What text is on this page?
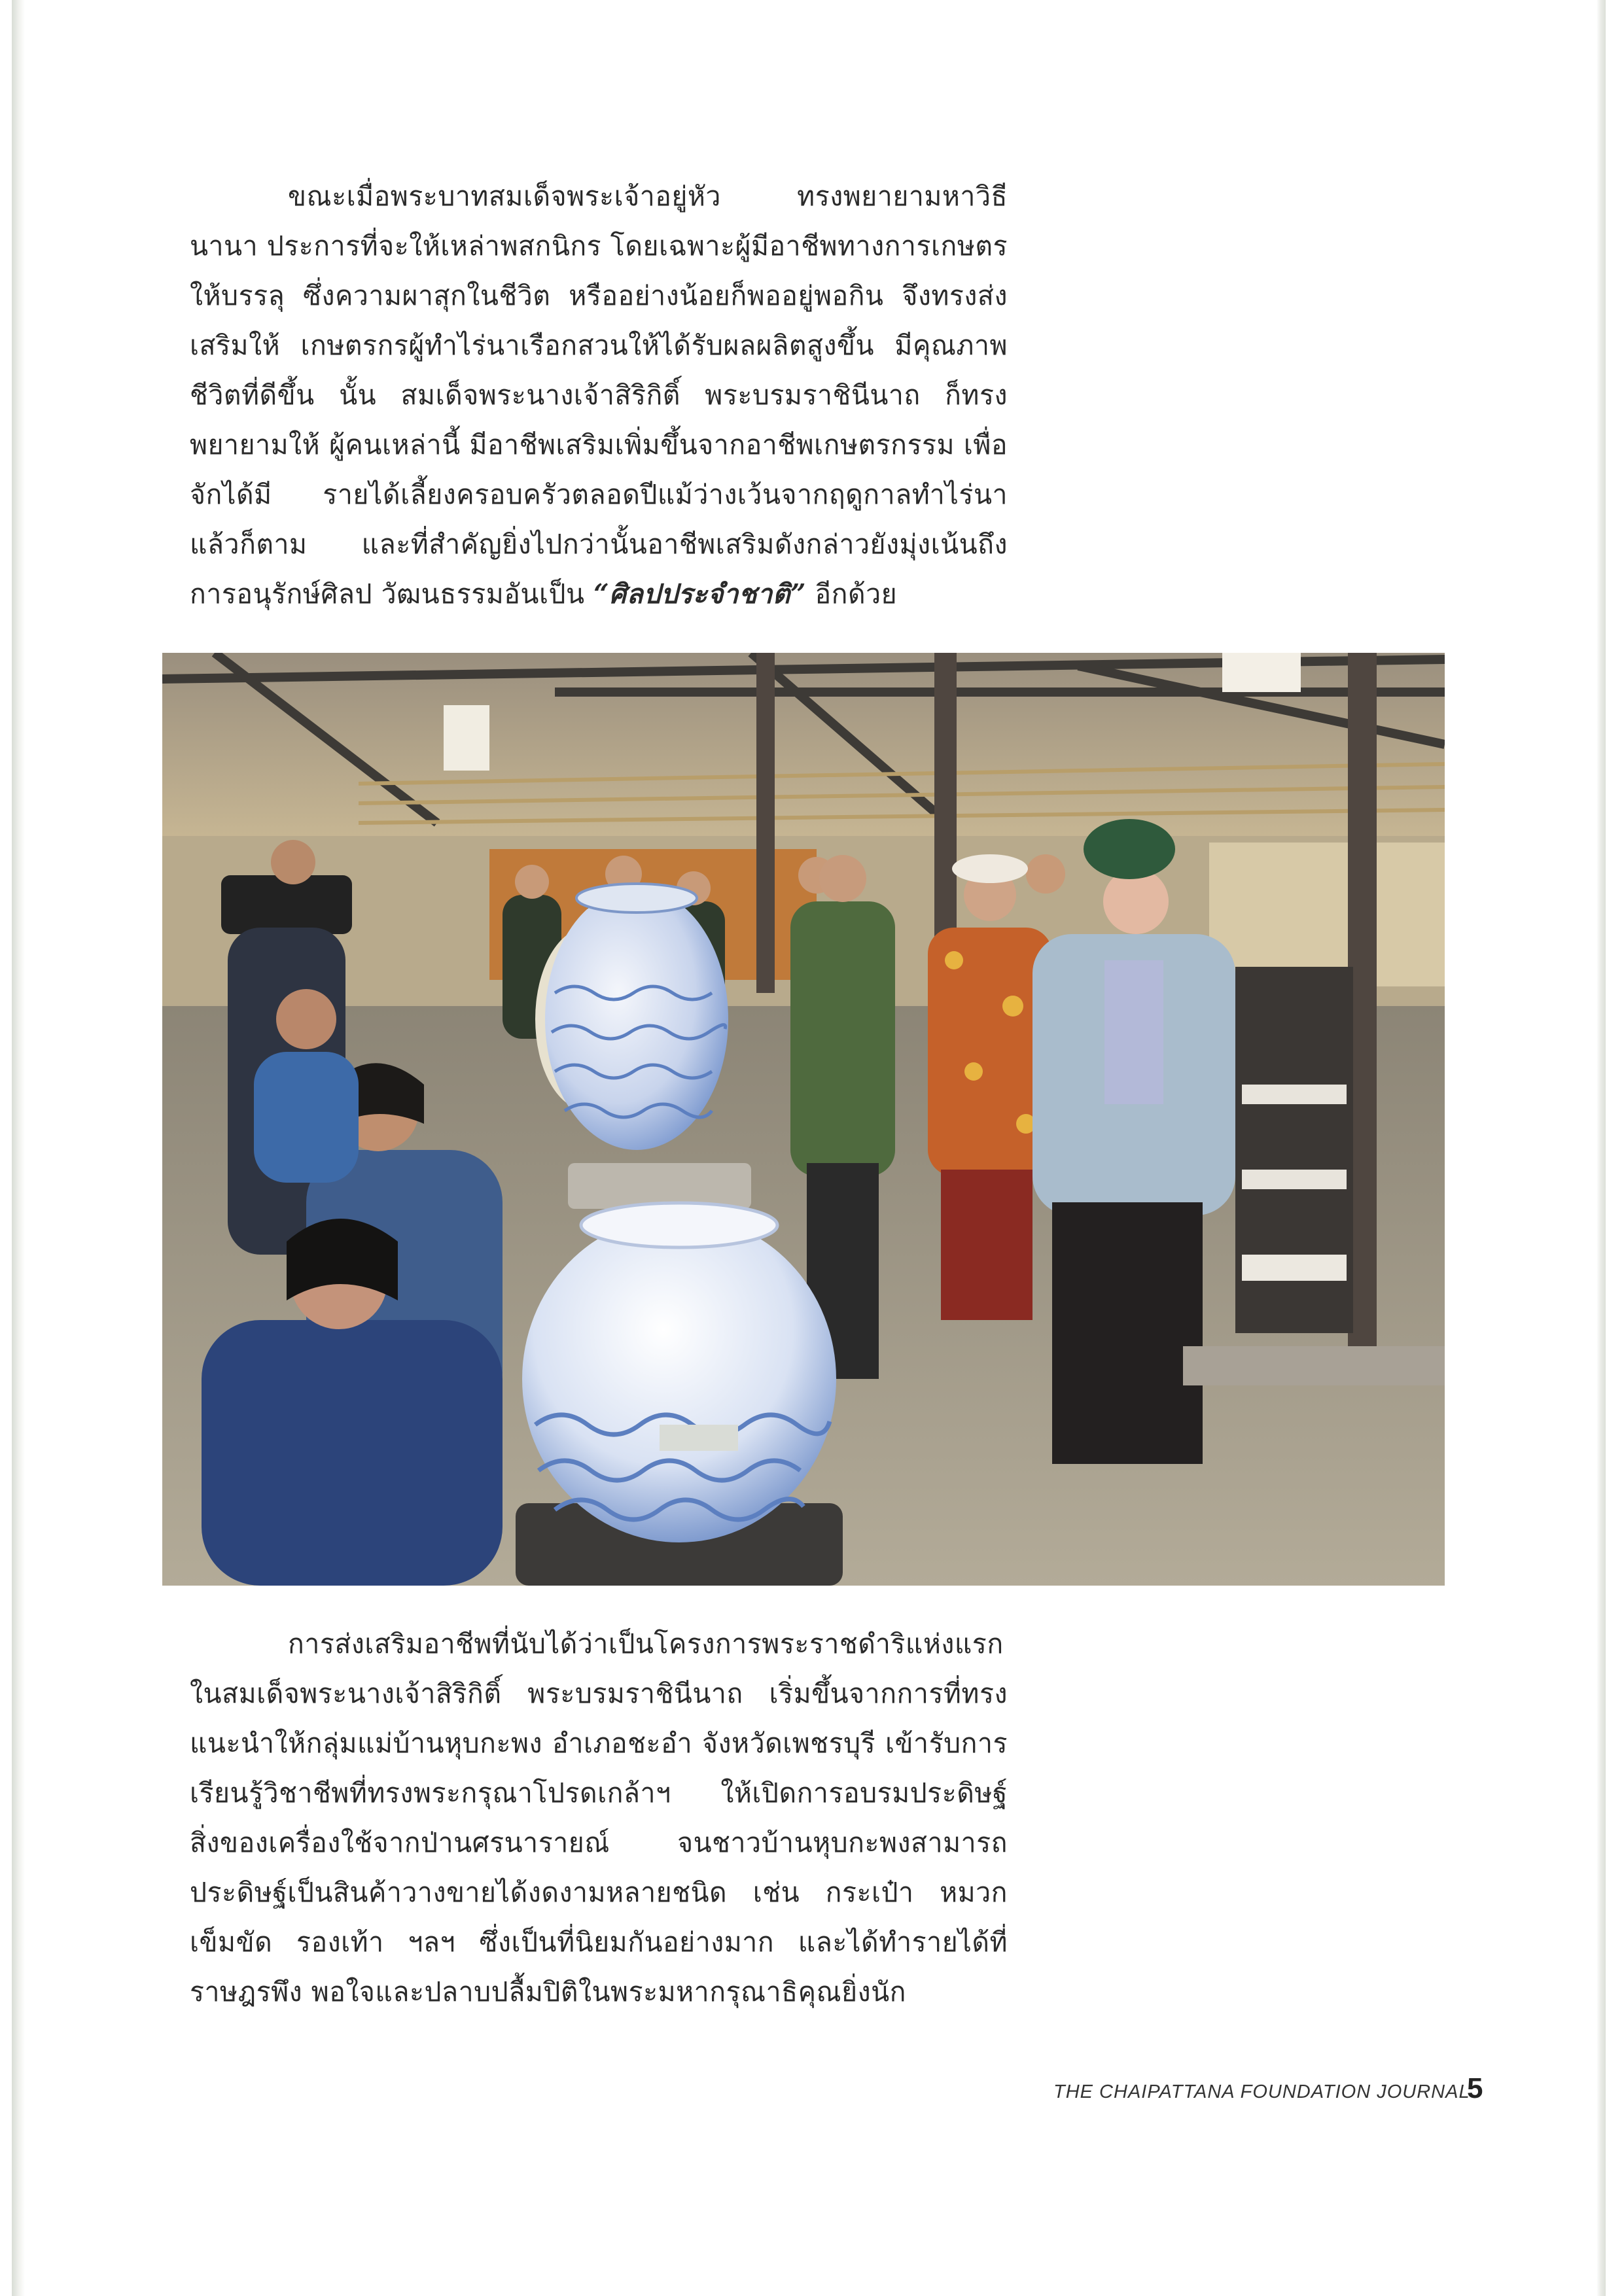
ขณะเมื่อพระบาทสมเด็จพระเจ้าอยู่หัว ทรงพยายามหาวิธีนานา ประการที่จะให้เหล่าพสกนิกร โดยเฉพาะผู้มีอาชีพทางการเกษตรให้บรรลุ ซึ่งความผาสุกในชีวิต หรืออย่างน้อยก็พออยู่พอกิน จึงทรงส่งเสริมให้ เกษตรกรผู้ทำไร่นาเรือกสวนให้ได้รับผลผลิตสูงขึ้น มีคุณภาพชีวิตที่ดีขึ้น นั้น สมเด็จพระนางเจ้าสิริกิติ์ พระบรมราชินีนาถ ก็ทรงพยายามให้ ผู้คนเหล่านี้ มีอาชีพเสริมเพิ่มขึ้นจากอาชีพเกษตรกรรม เพื่อจักได้มี รายได้เลี้ยงครอบครัวตลอดปีแม้ว่างเว้นจากฤดูกาลทำไร่นาแล้วก็ตาม และที่สำคัญยิ่งไปกว่านั้นอาชีพเสริมดังกล่าวยังมุ่งเน้นถึงการอนุรักษ์ศิลป วัฒนธรรมอันเป็น “ศิลปประจำชาติ” อีกด้วย

การส่งเสริมอาชีพที่นับได้ว่าเป็นโครงการพระราชดำริแห่งแรก ในสมเด็จพระนางเจ้าสิริกิติ์ พระบรมราชินีนาถ เริ่มขึ้นจากการที่ทรง แนะนำให้กลุ่มแม่บ้านหุบกะพง อำเภอชะอำ จังหวัดเพชรบุรี เข้ารับการ เรียนรู้วิชาชีพที่ทรงพระกรุณาโปรดเกล้าฯ ให้เปิดการอบรมประดิษฐ์ สิ่งของเครื่องใช้จากป่านศรนารายณ์ จนชาวบ้านหุบกะพงสามารถ ประดิษฐ์เป็นสินค้าวางขายได้งดงามหลายชนิด เช่น กระเป๋า หมวก เข็มขัด รองเท้า ฯลฯ ซึ่งเป็นที่นิยมกันอย่างมาก และได้ทำรายได้ที่ราษฎรพึง พอใจและปลาบปลื้มปิติในพระมหากรุณาธิคุณยิ่งนัก

THE CHAIPATTANA FOUNDATION JOURNAL
5
